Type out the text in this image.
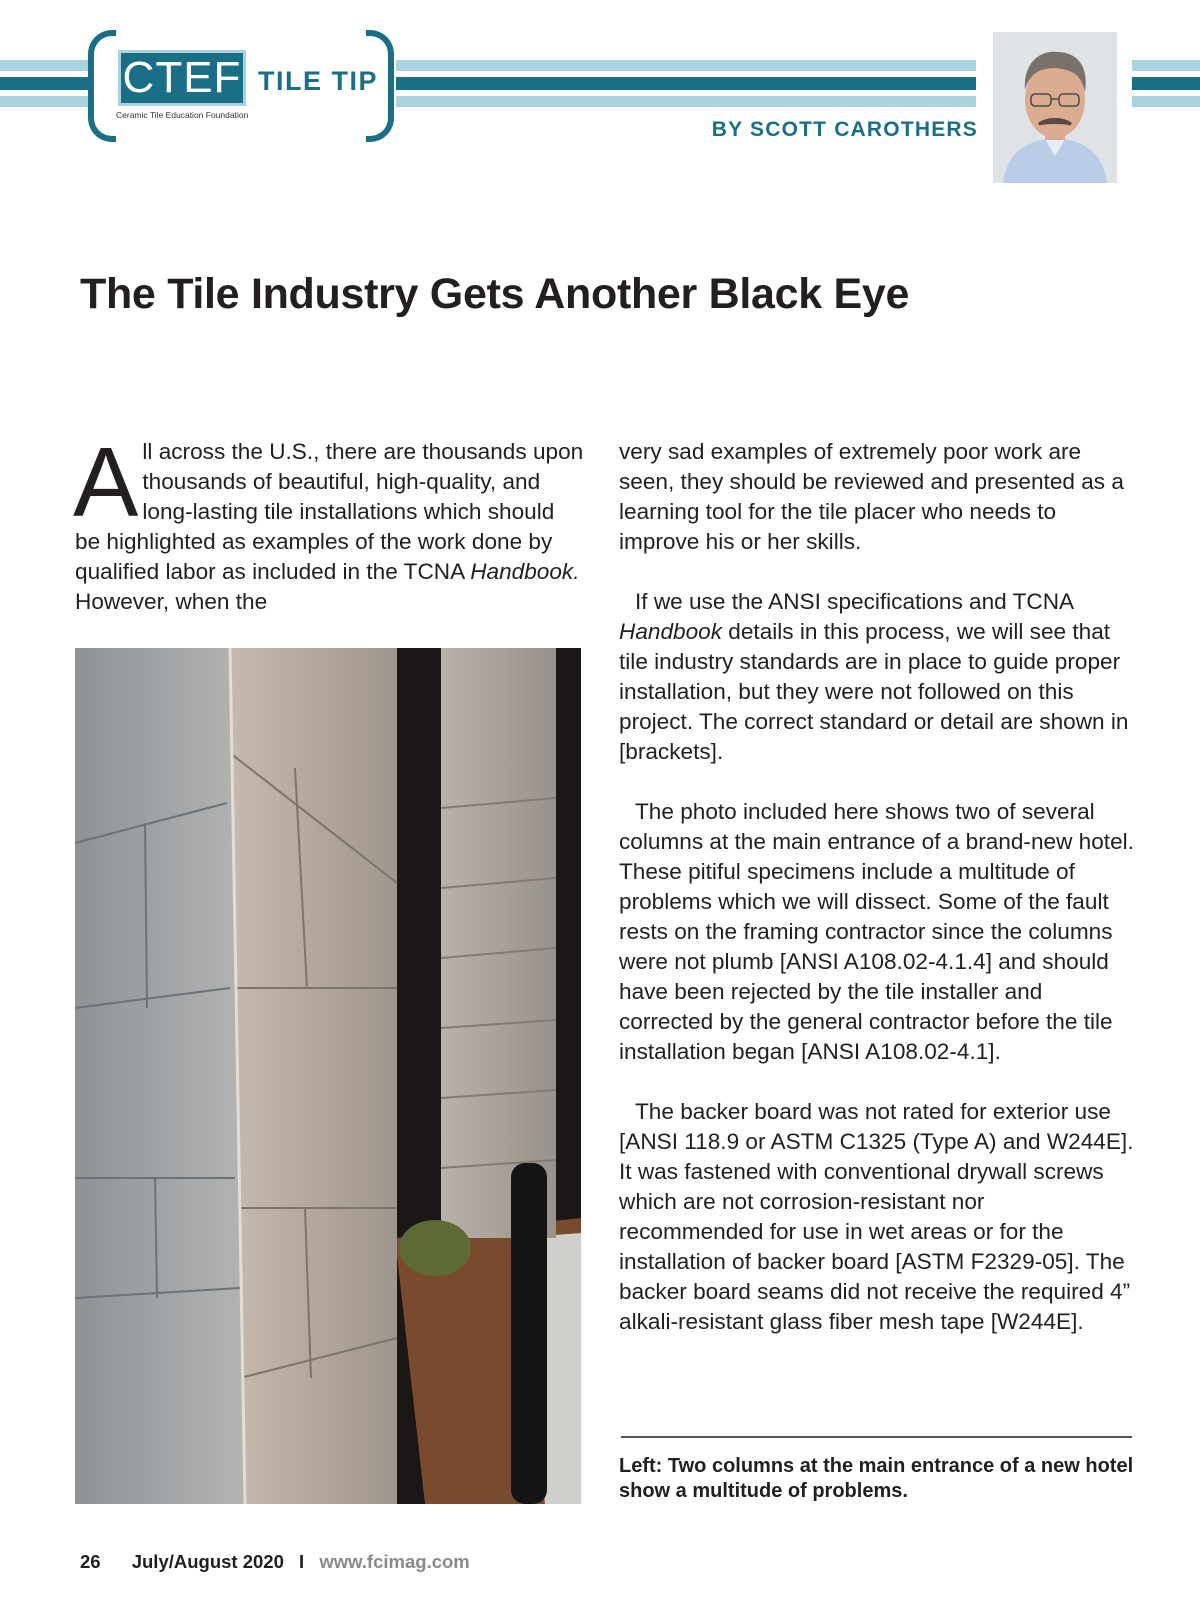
CTEF
Ceramic Tile Education Foundation
TILE TIP
BY SCOTT CAROTHERS
The Tile Industry Gets Another Black Eye

All across the U.S., there are thousands upon thousands of beautiful, high-quality, and long-lasting tile installations which should be highlighted as examples of the work done by qualified labor as included in the TCNA Handbook. However, when the

very sad examples of extremely poor work are seen, they should be reviewed and presented as a learning tool for the tile placer who needs to improve his or her skills.

If we use the ANSI specifications and TCNA Handbook details in this process, we will see that tile industry standards are in place to guide proper installation, but they were not followed on this project. The correct standard or detail are shown in [brackets].

The photo included here shows two of several columns at the main entrance of a brand-new hotel. These pitiful specimens include a multitude of problems which we will dissect. Some of the fault rests on the framing contractor since the columns were not plumb [ANSI A108.02-4.1.4] and should have been rejected by the tile installer and corrected by the general contractor before the tile installation began [ANSI A108.02-4.1].

The backer board was not rated for exterior use [ANSI 118.9 or ASTM C1325 (Type A) and W244E]. It was fastened with conventional drywall screws which are not corrosion-resistant nor recommended for use in wet areas or for the installation of backer board [ASTM F2329-05]. The backer board seams did not receive the required 4” alkali-resistant glass fiber mesh tape [W244E].

Left: Two columns at the main entrance of a new hotel show a multitude of problems.
26 July/August 2020 I www.fcimag.com
